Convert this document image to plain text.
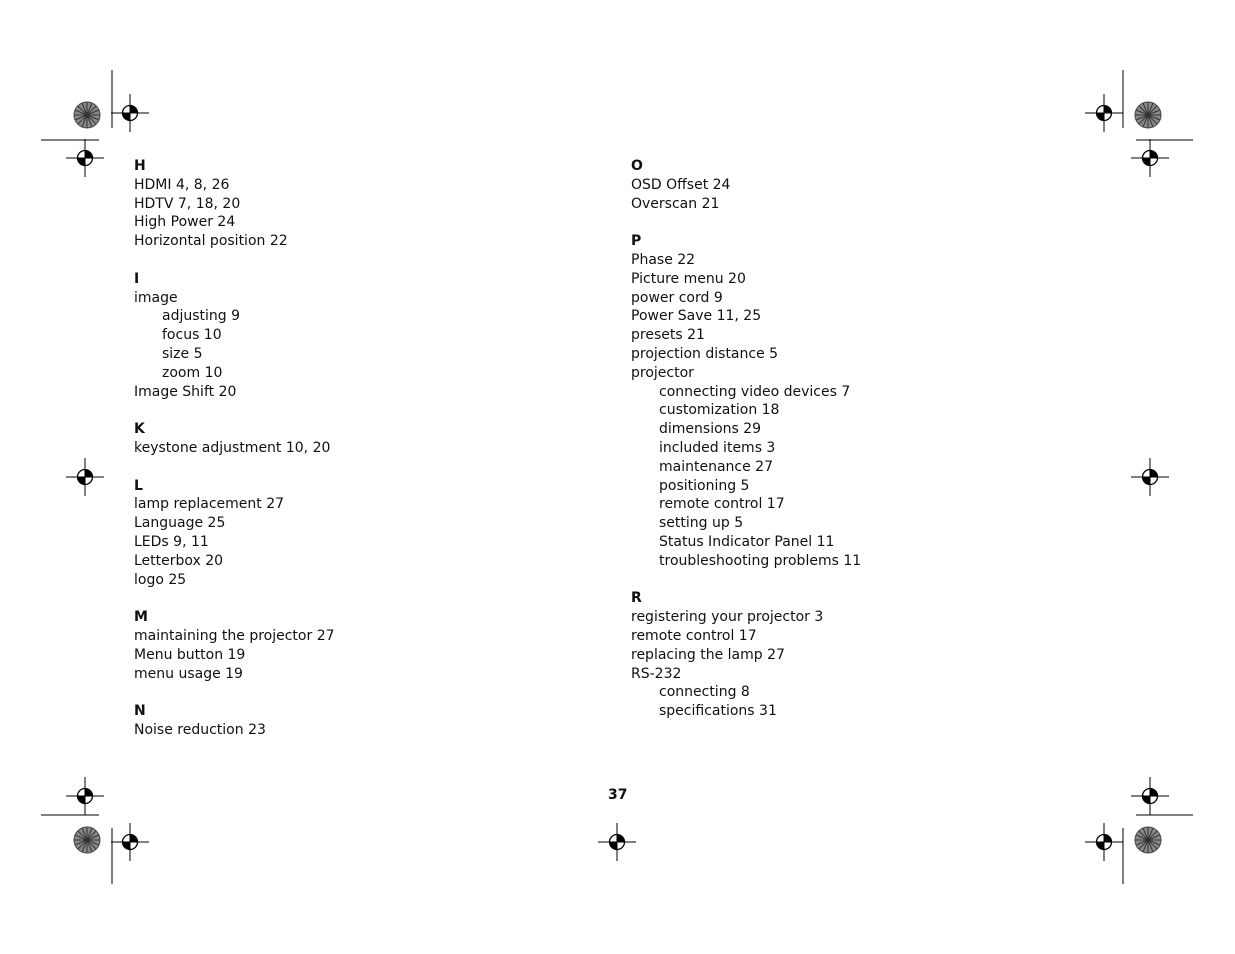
H
HDMI 4, 8, 26
HDTV 7, 18, 20
High Power 24
Horizontal position 22
I
image
adjusting 9
focus 10
size 5
zoom 10
Image Shift 20
K
keystone adjustment 10, 20
L
lamp replacement 27
Language 25
LEDs 9, 11
Letterbox 20
logo 25
M
maintaining the projector 27
Menu button 19
menu usage 19
N
Noise reduction 23
O
OSD Offset 24
Overscan 21
P
Phase 22
Picture menu 20
power cord 9
Power Save 11, 25
presets 21
projection distance 5
projector
connecting video devices 7
customization 18
dimensions 29
included items 3
maintenance 27
positioning 5
remote control 17
setting up 5
Status Indicator Panel 11
troubleshooting problems 11
R
registering your projector 3
remote control 17
replacing the lamp 27
RS-232
connecting 8
specifications 31
37
